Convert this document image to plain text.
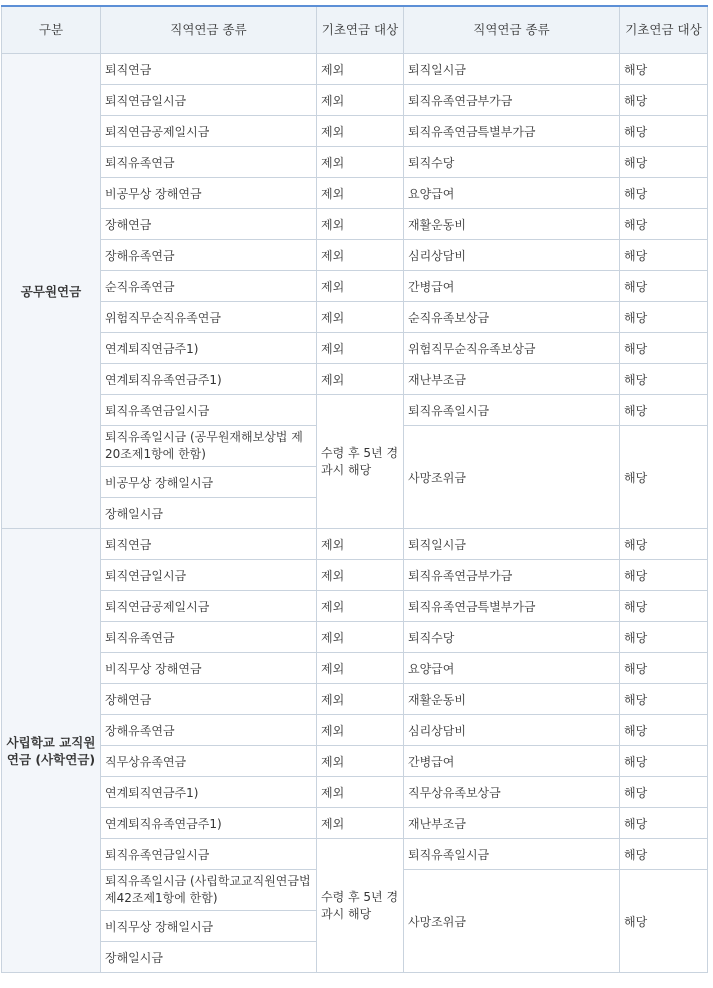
구분	직역연금 종류	기초연금 대상	직역연금 종류	기초연금 대상
공무원연금	퇴직연금	제외	퇴직일시금	해당
	퇴직연금일시금	제외	퇴직유족연금부가금	해당
	퇴직연금공제일시금	제외	퇴직유족연금특별부가금	해당
	퇴직유족연금	제외	퇴직수당	해당
	비공무상 장해연금	제외	요양급여	해당
	장해연금	제외	재활운동비	해당
	장해유족연금	제외	심리상담비	해당
	순직유족연금	제외	간병급여	해당
	위험직무순직유족연금	제외	순직유족보상금	해당
	연계퇴직연금주1)	제외	위험직무순직유족보상금	해당
	연계퇴직유족연금주1)	제외	재난부조금	해당
	퇴직유족연금일시금	수령 후 5년 경과시 해당	퇴직유족일시금	해당
	퇴직유족일시금 (공무원재해보상법 제20조제1항에 한함)		사망조위금	해당
	비공무상 장해일시금			
	장해일시금			
사립학교 교직원연금 (사학연금)	퇴직연금	제외	퇴직일시금	해당
	퇴직연금일시금	제외	퇴직유족연금부가금	해당
	퇴직연금공제일시금	제외	퇴직유족연금특별부가금	해당
	퇴직유족연금	제외	퇴직수당	해당
	비직무상 장해연금	제외	요양급여	해당
	장해연금	제외	재활운동비	해당
	장해유족연금	제외	심리상담비	해당
	직무상유족연금	제외	간병급여	해당
	연계퇴직연금주1)	제외	직무상유족보상금	해당
	연계퇴직유족연금주1)	제외	재난부조금	해당
	퇴직유족연금일시금	수령 후 5년 경과시 해당	퇴직유족일시금	해당
	퇴직유족일시금 (사립학교교직원연금법 제42조제1항에 한함)		사망조위금	해당
	비직무상 장해일시금			
	장해일시금			
